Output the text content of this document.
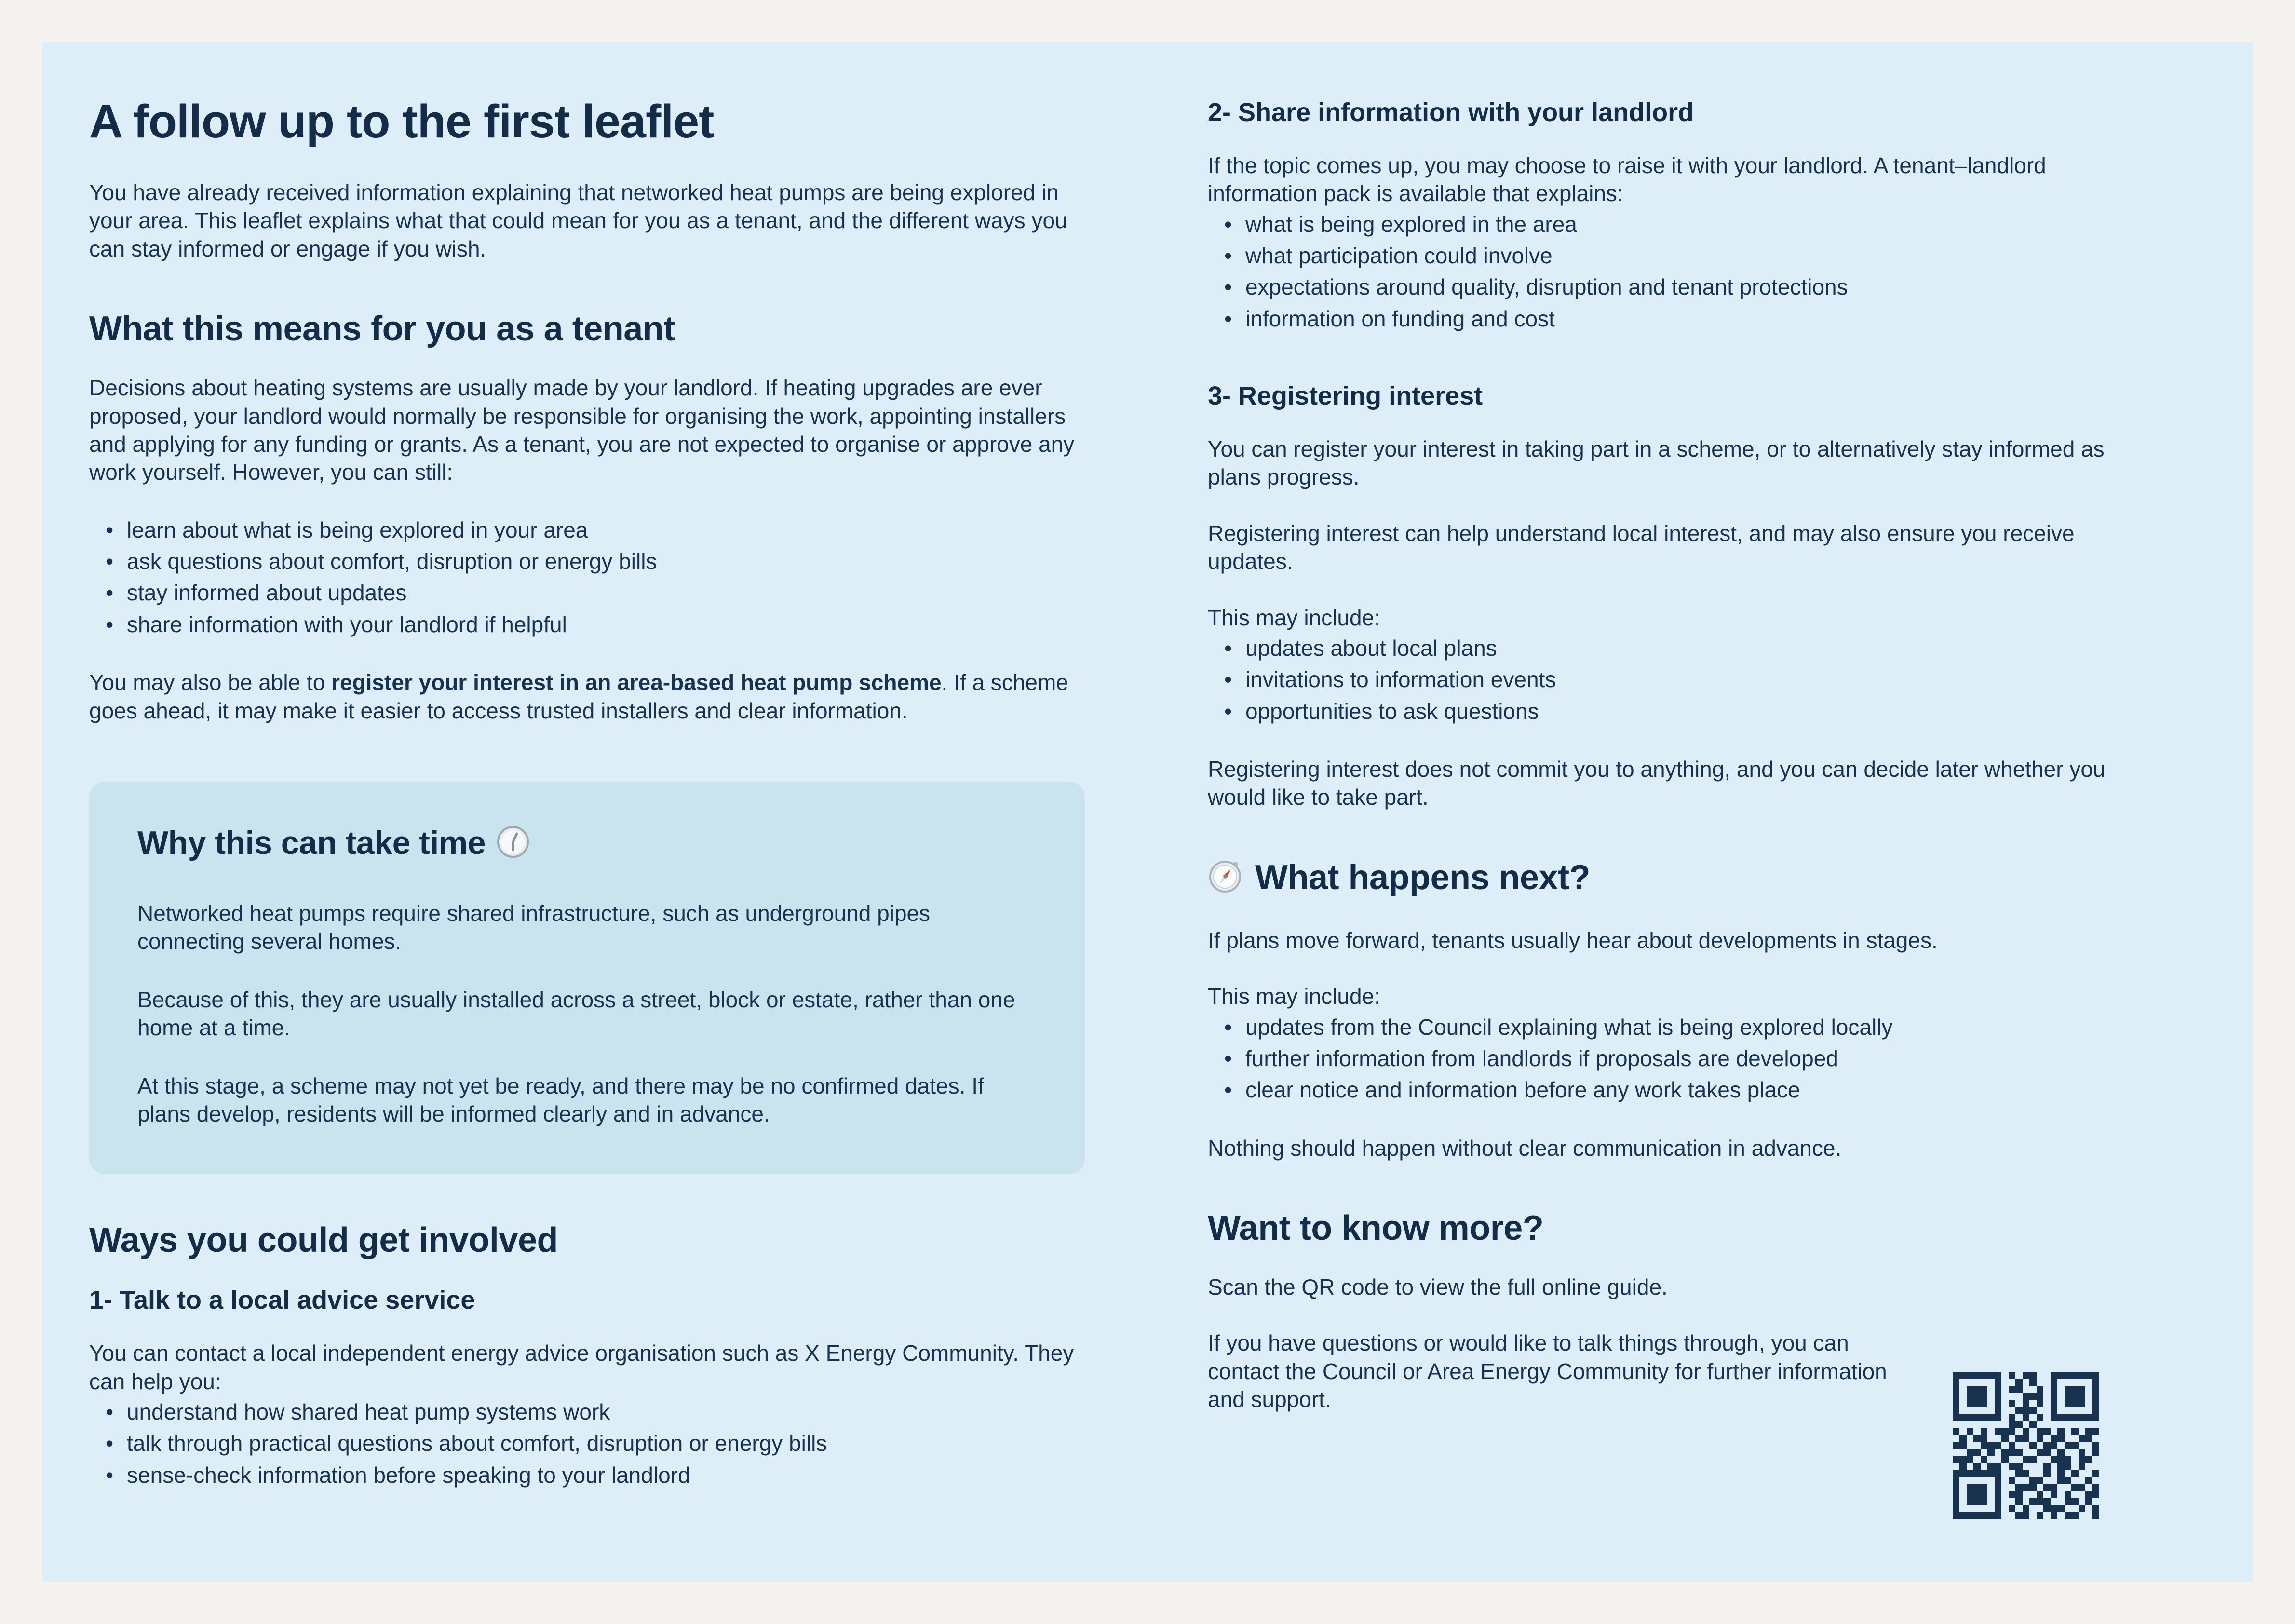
A follow up to the first leaflet

You have already received information explaining that networked heat pumps are being explored in your area. This leaflet explains what that could mean for you as a tenant, and the different ways you can stay informed or engage if you wish.

What this means for you as a tenant

Decisions about heating systems are usually made by your landlord. If heating upgrades are ever proposed, your landlord would normally be responsible for organising the work, appointing installers and applying for any funding or grants. As a tenant, you are not expected to organise or approve any work yourself. However, you can still:

• learn about what is being explored in your area
• ask questions about comfort, disruption or energy bills
• stay informed about updates
• share information with your landlord if helpful

You may also be able to register your interest in an area-based heat pump scheme. If a scheme goes ahead, it may make it easier to access trusted installers and clear information.

Why this can take time

Networked heat pumps require shared infrastructure, such as underground pipes connecting several homes.

Because of this, they are usually installed across a street, block or estate, rather than one home at a time.

At this stage, a scheme may not yet be ready, and there may be no confirmed dates. If plans develop, residents will be informed clearly and in advance.

Ways you could get involved
1- Talk to a local advice service

You can contact a local independent energy advice organisation such as X Energy Community. They can help you:

• understand how shared heat pump systems work
• talk through practical questions about comfort, disruption or energy bills
• sense-check information before speaking to your landlord
2- Share information with your landlord

If the topic comes up, you may choose to raise it with your landlord. A tenant–landlord information pack is available that explains:

• what is being explored in the area
• what participation could involve
• expectations around quality, disruption and tenant protections
• information on funding and cost
3- Registering interest

You can register your interest in taking part in a scheme, or to alternatively stay informed as plans progress.

Registering interest can help understand local interest, and may also ensure you receive updates.

This may include:

• updates about local plans
• invitations to information events
• opportunities to ask questions

Registering interest does not commit you to anything, and you can decide later whether you would like to take part.

What happens next?

If plans move forward, tenants usually hear about developments in stages.

This may include:

• updates from the Council explaining what is being explored locally
• further information from landlords if proposals are developed
• clear notice and information before any work takes place

Nothing should happen without clear communication in advance.

Want to know more?

Scan the QR code to view the full online guide.

If you have questions or would like to talk things through, you can contact the Council or Area Energy Community for further information and support.
